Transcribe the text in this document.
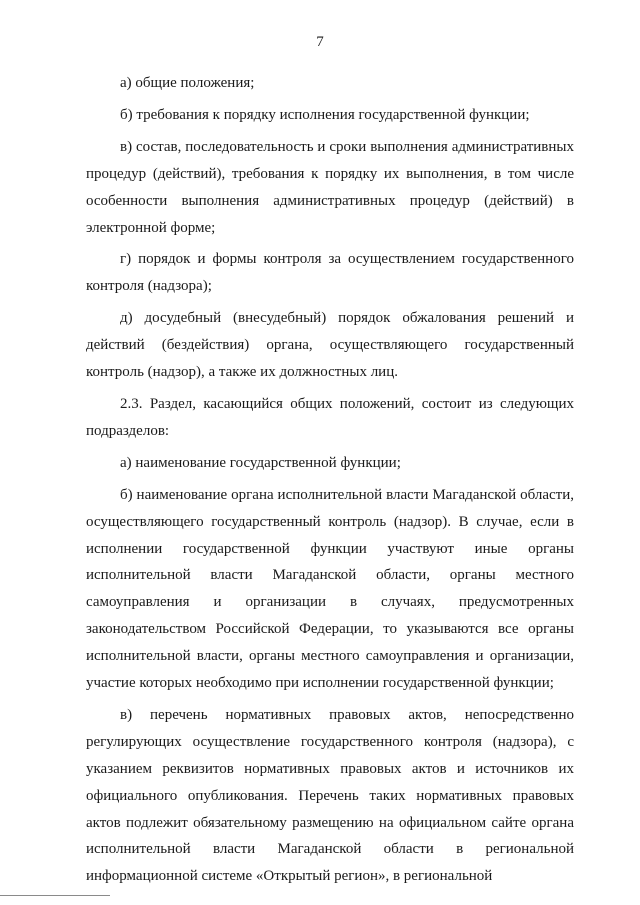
7

а) общие положения;

б) требования к порядку исполнения государственной функции;

в) состав, последовательность и сроки выполнения административных процедур (действий), требования к порядку их выполнения, в том числе особенности выполнения административных процедур (действий) в электронной форме;

г) порядок и формы контроля за осуществлением государственного контроля (надзора);

д) досудебный (внесудебный) порядок обжалования решений и действий (бездействия) органа, осуществляющего государственный контроль (надзор), а также их должностных лиц.

2.3. Раздел, касающийся общих положений, состоит из следующих подразделов:

а) наименование государственной функции;

б) наименование органа исполнительной власти Магаданской области, осуществляющего государственный контроль (надзор). В случае, если в исполнении государственной функции участвуют иные органы исполнительной власти Магаданской области, органы местного самоуправления и организации в случаях, предусмотренных законодательством Российской Федерации, то указываются все органы исполнительной власти, органы местного самоуправления и организации, участие которых необходимо при исполнении государственной функции;

в) перечень нормативных правовых актов, непосредственно регулирующих осуществление государственного контроля (надзора), с указанием реквизитов нормативных правовых актов и источников их официального опубликования. Перечень таких нормативных правовых актов подлежит обязательному размещению на официальном сайте органа исполнительной власти Магаданской области в региональной информационной системе «Открытый регион», в региональной
